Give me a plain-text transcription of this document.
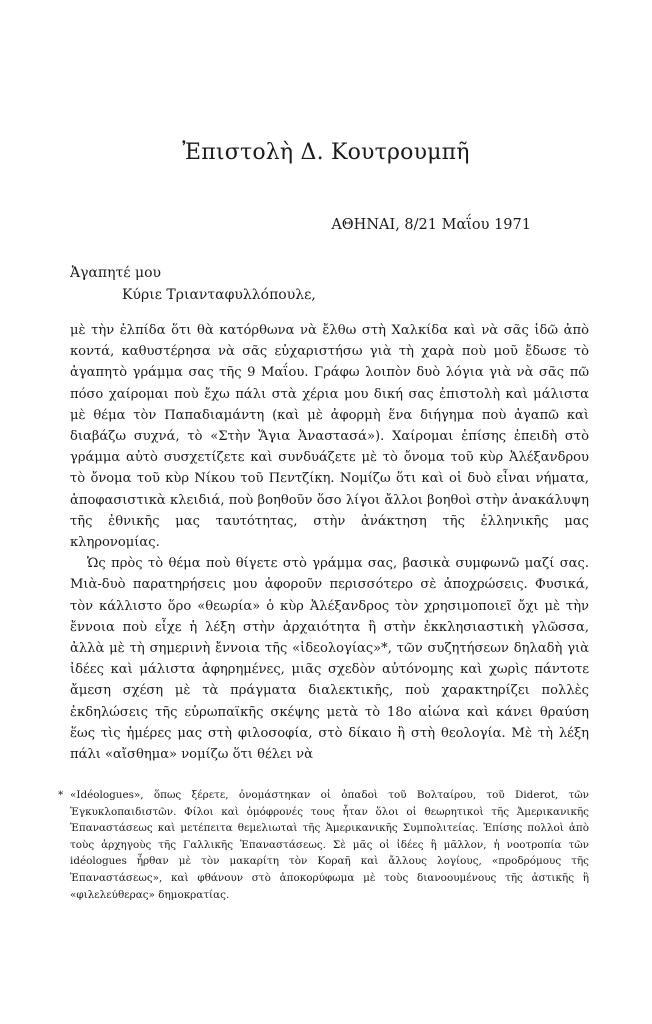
Ἐπιστολὴ Δ. Κουτρουμπῆ
ΑΘΗΝΑΙ, 8/21 Μαΐου 1971
Ἀγαπητέ μου
Κύριε Τριανταφυλλόπουλε,

μὲ τὴν ἐλπίδα ὅτι θὰ κατόρθωνα νὰ ἔλθω στὴ Χαλκίδα καὶ νὰ σᾶς ἰδῶ ἀπὸ κοντά, καθυστέρησα νὰ σᾶς εὐχαριστήσω γιὰ τὴ χαρὰ ποὺ μοῦ ἔδωσε τὸ ἀγαπητὸ γράμμα σας τῆς 9 Μαΐου. Γράφω λοιπὸν δυὸ λόγια γιὰ νὰ σᾶς πῶ πόσο χαίρομαι ποὺ ἔχω πάλι στὰ χέρια μου δική σας ἐπιστολὴ καὶ μάλιστα μὲ θέμα τὸν Παπαδιαμάντη (καὶ μὲ ἀφορμὴ ἕνα διήγημα ποὺ ἀγαπῶ καὶ διαβάζω συχνά, τὸ «Στὴν Ἅγια Ἀναστασά»). Χαίρομαι ἐπίσης ἐπειδὴ στὸ γράμμα αὐτὸ συσχετίζετε καὶ συνδυάζετε μὲ τὸ ὄνομα τοῦ κὺρ Ἀλέξανδρου τὸ ὄνομα τοῦ κὺρ Νίκου τοῦ Πεντζίκη. Νομίζω ὅτι καὶ οἱ δυὸ εἶναι νήματα, ἀποφασιστικὰ κλειδιά, ποὺ βοηθοῦν ὅσο λίγοι ἄλλοι βοηθοὶ στὴν ἀνακάλυψη τῆς ἐθνικῆς μας ταυτότητας, στὴν ἀνάκτηση τῆς ἑλληνικῆς μας κληρονομίας.

Ὡς πρὸς τὸ θέμα ποὺ θίγετε στὸ γράμμα σας, βασικὰ συμφωνῶ μαζί σας. Μιὰ-δυὸ παρατηρήσεις μου ἀφοροῦν περισσότερο σὲ ἀποχρώσεις. Φυσικά, τὸν κάλλιστο ὅρο «θεωρία» ὁ κὺρ Ἀλέξανδρος τὸν χρησιμοποιεῖ ὄχι μὲ τὴν ἔννοια ποὺ εἶχε ἡ λέξη στὴν ἀρχαιότητα ἢ στὴν ἐκκλησιαστικὴ γλῶσσα, ἀλλὰ μὲ τὴ σημερινὴ ἔννοια τῆς «ἰδεολογίας»*, τῶν συζητήσεων δηλαδὴ γιὰ ἰδέες καὶ μάλιστα ἀφηρημένες, μιᾶς σχεδὸν αὐτόνομης καὶ χωρὶς πάντοτε ἄμεση σχέση μὲ τὰ πράγματα διαλεκτικῆς, ποὺ χαρακτηρίζει πολλὲς ἐκδηλώσεις τῆς εὐρωπαϊκῆς σκέψης μετὰ τὸ 18ο αἰώνα καὶ κάνει θραύση ἕως τὶς ἡμέρες μας στὴ φιλοσοφία, στὸ δίκαιο ἢ στὴ θεολογία. Μὲ τὴ λέξη πάλι «αἴσθημα» νομίζω ὅτι θέλει νὰ

* «Idéologues», ὅπως ξέρετε, ὀνομάστηκαν οἱ ὀπαδοὶ τοῦ Βολταίρου, τοῦ Diderot, τῶν Ἐγκυκλοπαιδιστῶν. Φίλοι καὶ ὁμόφρονές τους ἦταν ὅλοι οἱ θεωρητικοὶ τῆς Ἀμερικανικῆς Ἐπαναστάσεως καὶ μετέπειτα θεμελιωταὶ τῆς Ἀμερικανικῆς Συμπολιτείας. Ἐπίσης πολλοὶ ἀπὸ τοὺς ἀρχηγοὺς τῆς Γαλλικῆς Ἐπαναστάσεως. Σὲ μᾶς οἱ ἰδέες ἢ μᾶλλον, ἡ νοοτροπία τῶν idéologues ἦρθαν μὲ τὸν μακαρίτη τὸν Κοραῆ καὶ ἄλλους λογίους, «προδρόμους τῆς Ἐπαναστάσεως», καὶ φθάνουν στὸ ἀποκορύφωμα μὲ τοὺς διανοουμένους τῆς ἀστικῆς ἢ «φιλελεύθερας» δημοκρατίας.
